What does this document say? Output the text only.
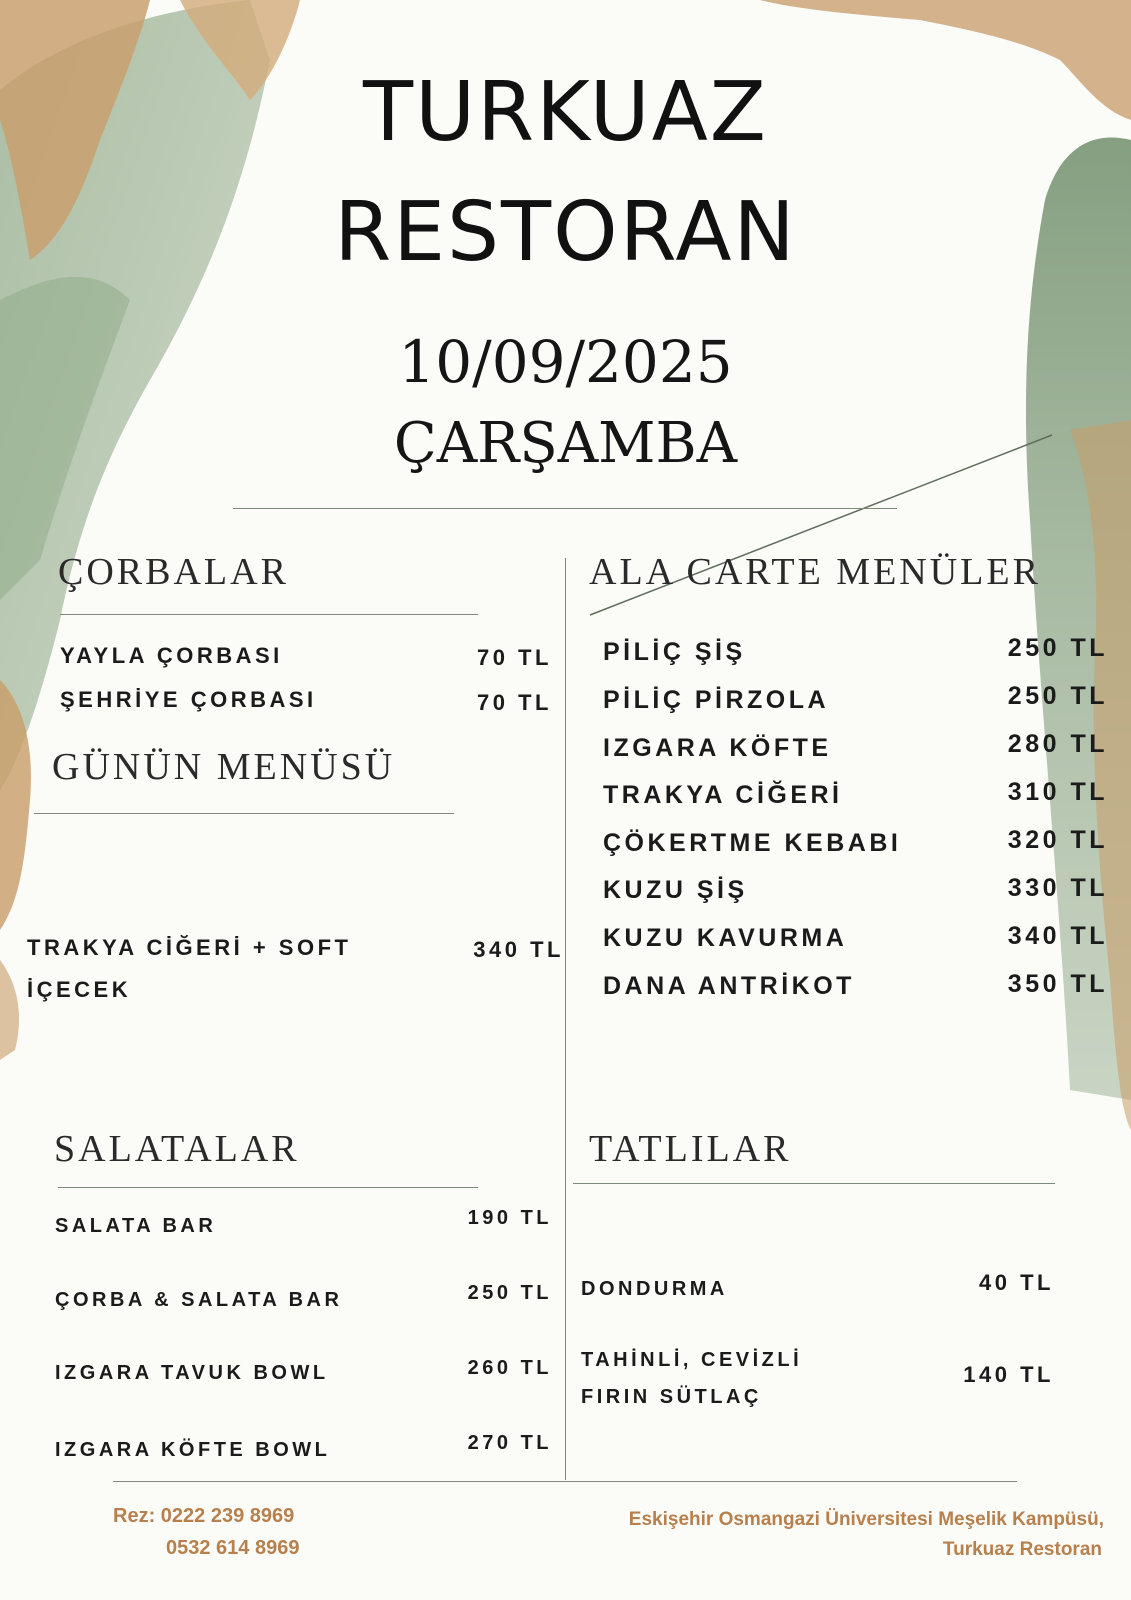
TURKUAZ
RESTORAN
10/09/2025
ÇARŞAMBA
ÇORBALAR
YAYLA ÇORBASI	70 TL
ŞEHRİYE ÇORBASI	70 TL
GÜNÜN MENÜSÜ
TRAKYA CİĞERİ + SOFT
İÇECEK
340 TL
ALA CARTE MENÜLER
PİLİÇ ŞİŞ	250 TL
PİLİÇ PİRZOLA	250 TL
IZGARA KÖFTE	280 TL
TRAKYA CİĞERİ	310 TL
ÇÖKERTME KEBABI	320 TL
KUZU ŞİŞ	330 TL
KUZU KAVURMA	340 TL
DANA ANTRİKOT	350 TL
SALATALAR
SALATA BAR	190 TL
ÇORBA & SALATA BAR	250 TL
IZGARA TAVUK BOWL	260 TL
IZGARA KÖFTE BOWL	270 TL
TATLILAR
DONDURMA	40 TL
TAHİNLİ, CEVİZLİ
FIRIN SÜTLAÇ
140 TL
Rez: 0222 239 8969
0532 614 8969
Eskişehir Osmangazi Üniversitesi Meşelik Kampüsü,
Turkuaz Restoran
